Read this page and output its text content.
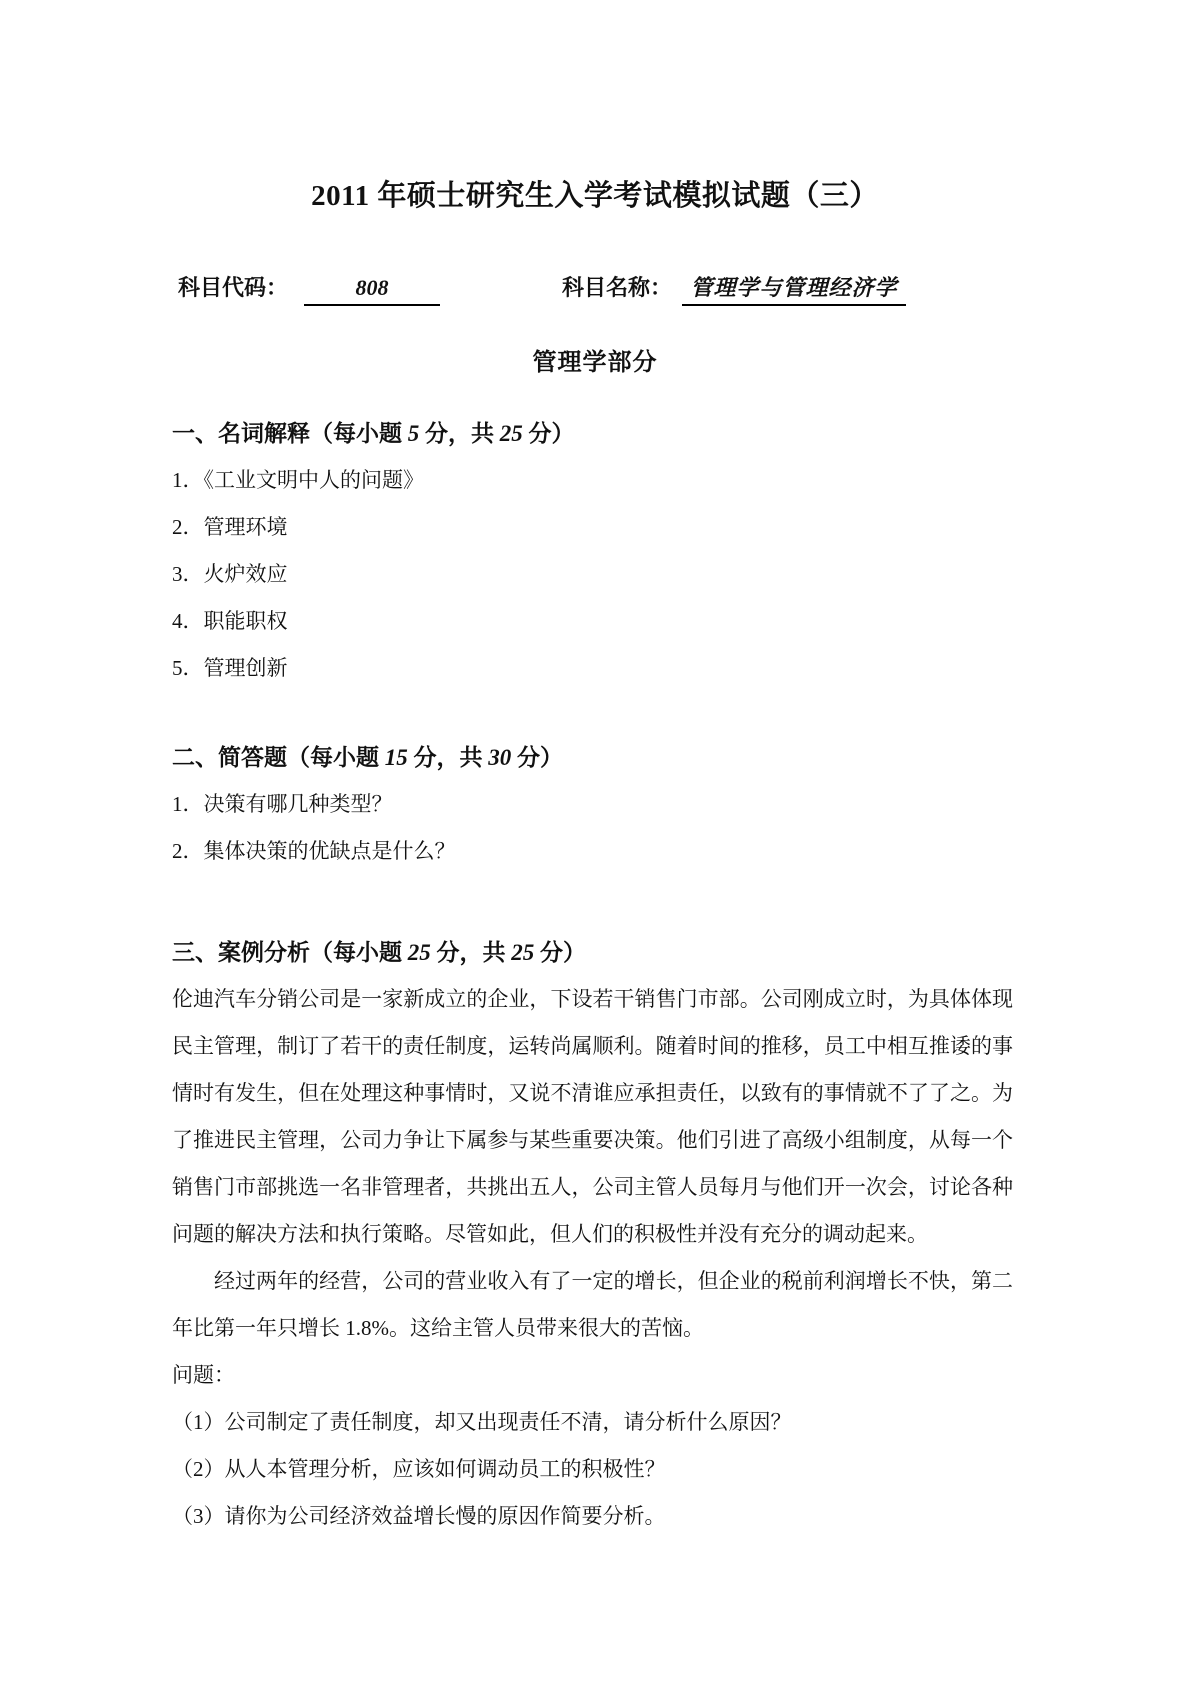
2011 年硕士研究生入学考试模拟试题（三）
科目代码：	808	科目名称： 管理学与管理经济学
管理学部分
一、名词解释（每小题 5 分，共 25 分）
1．《工业文明中人的问题》
2．管理环境
3．火炉效应
4．职能职权
5．管理创新
二、简答题（每小题 15 分，共 30 分）
1．决策有哪几种类型？
2．集体决策的优缺点是什么？
三、案例分析（每小题 25 分，共 25 分）

伦迪汽车分销公司是一家新成立的企业，下设若干销售门市部。公司刚成立时，为具体体现民主管理，制订了若干的责任制度，运转尚属顺利。随着时间的推移，员工中相互推诿的事情时有发生，但在处理这种事情时，又说不清谁应承担责任，以致有的事情就不了了之。为了推进民主管理，公司力争让下属参与某些重要决策。他们引进了高级小组制度，从每一个销售门市部挑选一名非管理者，共挑出五人，公司主管人员每月与他们开一次会，讨论各种问题的解决方法和执行策略。尽管如此，但人们的积极性并没有充分的调动起来。

经过两年的经营，公司的营业收入有了一定的增长，但企业的税前利润增长不快，第二年比第一年只增长 1.8%。这给主管人员带来很大的苦恼。

问题：
（1）公司制定了责任制度，却又出现责任不清，请分析什么原因？
（2）从人本管理分析，应该如何调动员工的积极性？
（3）请你为公司经济效益增长慢的原因作简要分析。
